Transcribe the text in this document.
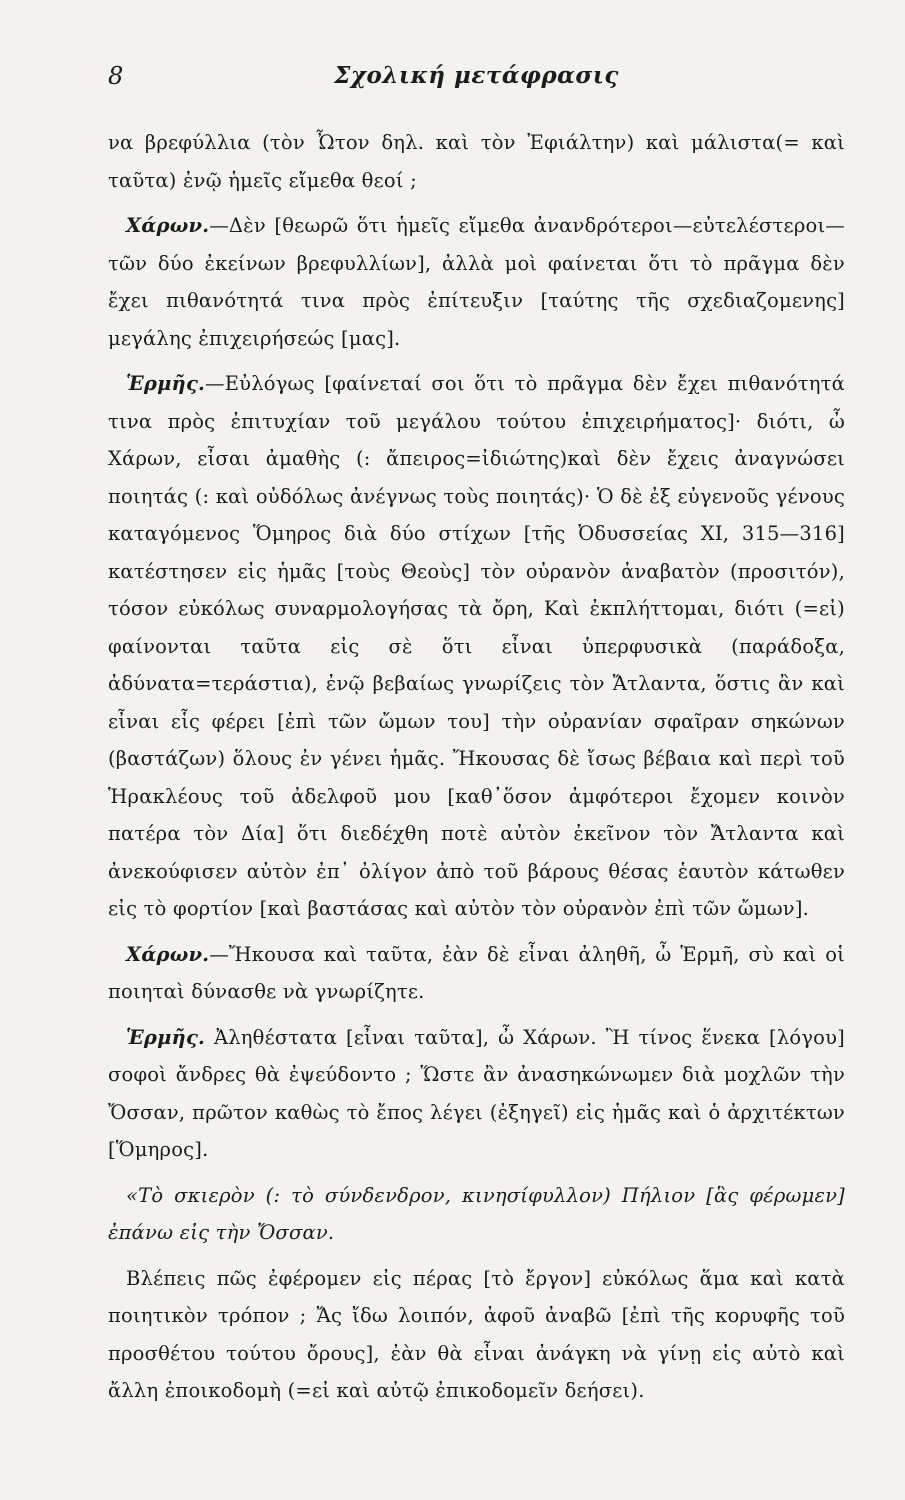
8	Σχολική μετάφρασις

να βρεφύλλια (τὸν Ὦτον δηλ. καὶ τὸν Ἐφιάλτην) καὶ μάλιστα(= καὶ ταῦτα) ἐνῷ ἡμεῖς εἴμεθα θεοί ;

Χάρων.—Δὲν [θεωρῶ ὅτι ἡμεῖς εἴμεθα ἀνανδρότεροι—εὐτελέστεροι— τῶν δύο ἐκείνων βρεφυλλίων], ἀλλὰ μοὶ φαίνεται ὅτι τὸ πρᾶγμα δὲν ἔχει πιθανότητά τινα πρὸς ἐπίτευξιν [ταύτης τῆς σχεδιαζομενης] μεγάλης ἐπιχειρήσεώς [μας].

Ἑρμῆς.—Εὐλόγως [φαίνεταί σοι ὅτι τὸ πρᾶγμα δὲν ἔχει πιθανότητά τινα πρὸς ἐπιτυχίαν τοῦ μεγάλου τούτου ἐπιχειρήματος]· διότι, ὦ Χάρων, εἶσαι ἀμαθὴς (: ἄπειρος=ἰδιώτης)καὶ δὲν ἔχεις ἀναγνώσει ποιητάς (: καὶ οὐδόλως ἀνέγνως τοὺς ποιητάς)· Ὁ δὲ ἐξ εὐγενοῦς γένους καταγόμενος Ὅμηρος διὰ δύο στίχων [τῆς Ὀδυσσείας XI, 315—316] κατέστησεν εἰς ἡμᾶς [τοὺς Θεοὺς] τὸν οὐρανὸν ἀναβατὸν (προσιτόν), τόσον εὐκόλως συναρμολογήσας τὰ ὄρη, Καὶ ἐκπλήττομαι, διότι (=εἰ) φαίνονται ταῦτα εἰς σὲ ὅτι εἶναι ὑπερφυσικὰ (παράδοξα, ἀδύνατα=τεράστια), ἐνῷ βεβαίως γνωρίζεις τὸν Ἄτλαντα, ὅστις ἂν καὶ εἶναι εἷς φέρει [ἐπὶ τῶν ὤμων του] τὴν οὐρανίαν σφαῖραν σηκώνων (βαστάζων) ὅλους ἐν γένει ἡμᾶς. Ἤκουσας δὲ ἴσως βέβαια καὶ περὶ τοῦ Ἡρακλέους τοῦ ἀδελφοῦ μου [καθ᾽ὅσον ἀμφότεροι ἔχομεν κοινὸν πατέρα τὸν Δία] ὅτι διεδέχθη ποτὲ αὐτὸν ἐκεῖνον τὸν Ἄτλαντα καὶ ἀνεκούφισεν αὐτὸν ἐπ᾽ ὀλίγον ἀπὸ τοῦ βάρους θέσας ἑαυτὸν κάτωθεν εἰς τὸ φορτίον [καὶ βαστάσας καὶ αὐτὸν τὸν οὐρανὸν ἐπὶ τῶν ὤμων].

Χάρων.—Ἤκουσα καὶ ταῦτα, ἐὰν δὲ εἶναι ἀληθῆ, ὦ Ἑρμῆ, σὺ καὶ οἱ ποιηταὶ δύνασθε νὰ γνωρίζητε.

Ἑρμῆς. Ἀληθέστατα [εἶναι ταῦτα], ὦ Χάρων. Ἢ τίνος ἕνεκα [λόγου] σοφοὶ ἄνδρες θὰ ἐψεύδοντο ; Ὥστε ἂν ἀνασηκώνωμεν διὰ μοχλῶν τὴν Ὄσσαν, πρῶτον καθὼς τὸ ἔπος λέγει (ἐξηγεῖ) εἰς ἡμᾶς καὶ ὁ ἀρχιτέκτων [Ὅμηρος].

«Τὸ σκιερὸν (: τὸ σύνδενδρον, κινησίφυλλον) Πήλιον [ἃς φέρωμεν] ἐπάνω εἰς τὴν Ὄσσαν.

Βλέπεις πῶς ἐφέρομεν εἰς πέρας [τὸ ἔργον] εὐκόλως ἅμα καὶ κατὰ ποιητικὸν τρόπον ; Ἄς ἴδω λοιπόν, ἀφοῦ ἀναβῶ [ἐπὶ τῆς κορυφῆς τοῦ προσθέτου τούτου ὄρους], ἐὰν θὰ εἶναι ἀνάγκη νὰ γίνῃ εἰς αὐτὸ καὶ ἄλλη ἐποικοδομὴ (=εἰ καὶ αὐτῷ ἐπικοδομεῖν δεήσει).
